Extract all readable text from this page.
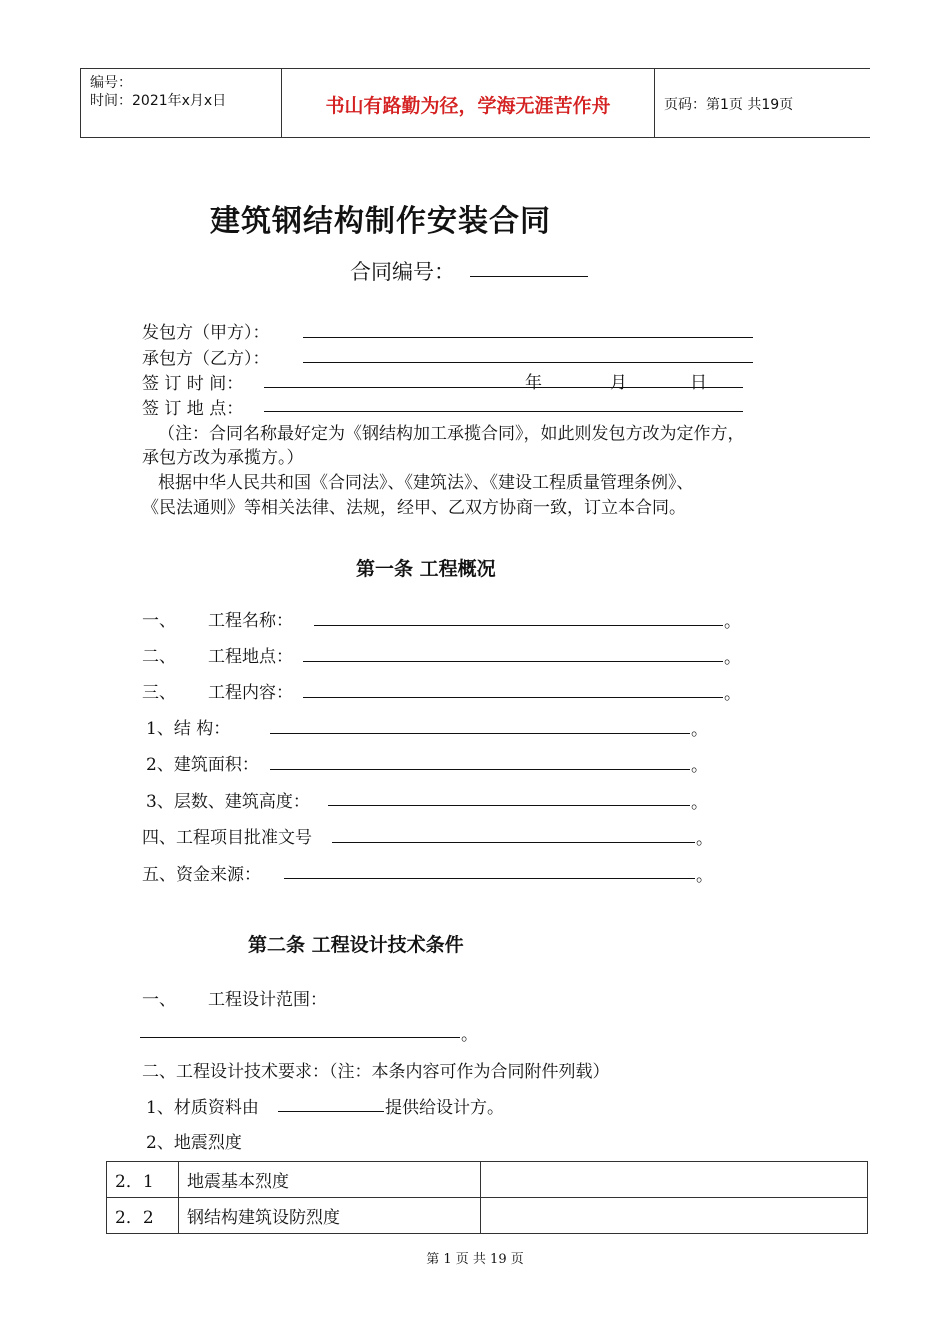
编号：
时间：2021年x月x日	书山有路勤为径，学海无涯苦作舟	页码：第1页 共19页
建筑钢结构制作安装合同
合同编号：
发包方（甲方）：
承包方（乙方）：
签 订 时 间：	年	月	日
签 订 地 点：
（注：合同名称最好定为《钢结构加工承揽合同》，如此则发包方改为定作方，
承包方改为承揽方。）
根据中华人民共和国《合同法》、《建筑法》、《建设工程质量管理条例》、
《民法通则》等相关法律、法规，经甲、乙双方协商一致，订立本合同。
第一条 工程概况
一、 工程名称：	。
二、 工程地点：	。
三、 工程内容：	。
1、结 构：	。
2、建筑面积：	。
3、层数、建筑高度：	。
四、工程项目批准文号	。
五、资金来源：	。
第二条 工程设计技术条件
一、 工程设计范围：
。
二、工程设计技术要求：（注：本条内容可作为合同附件列载）
1、材质资料由	提供给设计方。
2、地震烈度
2．1	地震基本烈度	
2．2	钢结构建筑设防烈度	
第 1 页 共 19 页
